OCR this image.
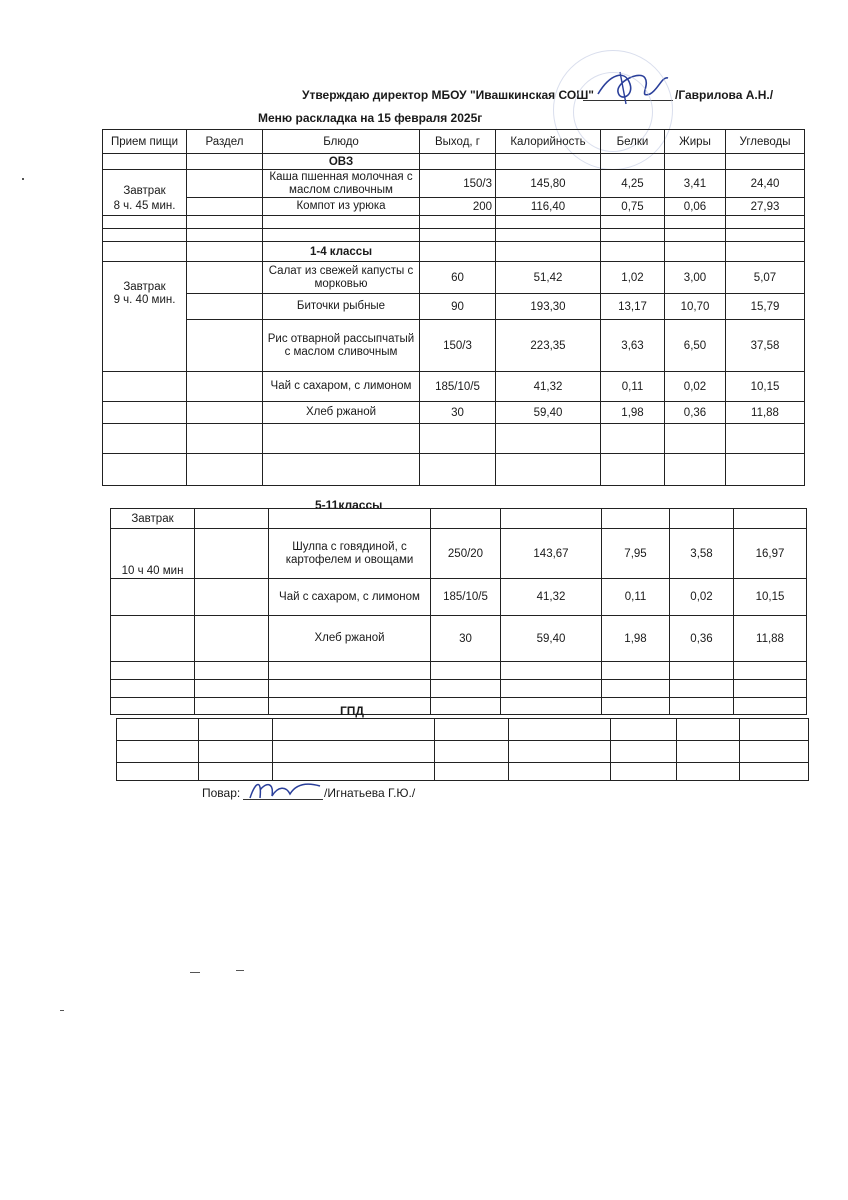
Утверждаю директор МБОУ "Ивашкинская СОШ"	/Гаврилова А.Н./
Меню раскладка на 15 февраля 2025г
Прием пищи	Раздел	Блюдо	Выход, г	Калорийность	Белки	Жиры	Углеводы
		ОВЗ					
Завтрак		Каша пшенная молочная с маслом сливочным	150/3	145,80	4,25	3,41	24,40
8 ч. 45 мин.		Компот из урюка	200	116,40	0,75	0,06	27,93

		1-4 классы					
Завтрак		Салат из свежей капусты с морковью	60	51,42	1,02	3,00	5,07
9 ч. 40 мин.		Биточки рыбные	90	193,30	13,17	10,70	15,79
		Рис отварной рассыпчатый с маслом сливочным	150/3	223,35	3,63	6,50	37,58
		Чай с сахаром, с лимоном	185/10/5	41,32	0,11	0,02	10,15
		Хлеб ржаной	30	59,40	1,98	0,36	11,88

5-11классы
Завтрак							
10 ч 40 мин		Шулпа с говядиной, с картофелем и овощами	250/20	143,67	7,95	3,58	16,97
		Чай с сахаром, с лимоном	185/10/5	41,32	0,11	0,02	10,15
		Хлеб ржаной	30	59,40	1,98	0,36	11,88

ГПД

Повар:	/Игнатьева Г.Ю./
